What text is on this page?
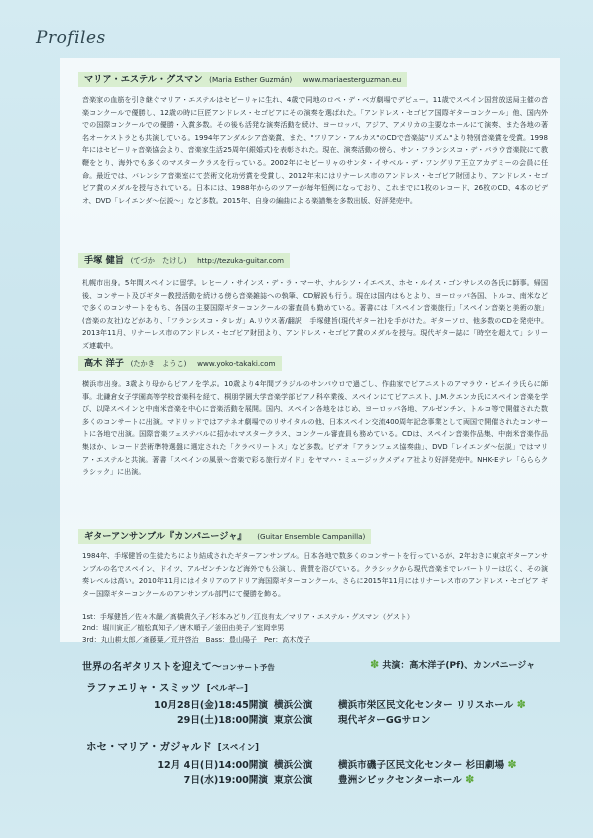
Profiles
マリア・エステル・グスマン (Maria Esther Guzmán) www.mariaesterguzman.eu

音楽家の血筋を引き継ぐマリア・エステルはセビーリャに生れ、4歳で同地のロペ・デ・ベガ劇場でデビュー。11歳でスペイン国営放送局主催の音楽コンクールで優勝し、12歳の時に巨匠アンドレス・セゴビアにその演奏を選ばれた。「アンドレス・セゴビア国際ギターコンクール」他、国内外での国際コンクールでの優勝・入賞多数。その後も活発な演奏活動を続け、ヨーロッパ、アジア、アメリカの主要なホールにて演奏、また各地の著名オーケストラとも共演している。1994年アンダルシア音楽賞、また、"フリアン・アルカス"のCDで音楽誌"リズム"より特別音楽賞を受賞。1998年にはセビーリャ音楽協会より、音楽家生活25周年(銀婚式)を表彰された。現在、演奏活動の傍ら、サン・フランシスコ・デ・パラウ音楽院にて教鞭をとり、海外でも多くのマスタークラスを行っている。2002年にセビーリャのサンタ・イサベル・デ・フングリア王立アカデミーの会員に任命。最近では、バレンシア音楽室にて芸術文化功労賞を受賞し、2012年末にはリナーレス市のアンドレス・セゴビア財団より、アンドレス・セゴビア賞のメダルを授与されている。日本には、1988年からのツアーが毎年恒例になっており、これまでに1枚のレコード、26枚のCD、4本のビデオ、DVD「レイエンダ〜伝説〜」など多数。2015年、自身の編曲による楽譜集を多数出版、好評発売中。

手塚 健旨 (てづか　たけし) http://tezuka-guitar.com

札幌市出身。5年間スペインに留学。レヒーノ・サインス・デ・ラ・マーサ、ナルシソ・イエペス、ホセ・ルイス・ゴンサレスの各氏に師事。帰国後、コンサート及びギター教授活動を続ける傍ら音楽雑誌への執筆、CD解説も行う。現在は国内はもとより、ヨーロッパ各国、トルコ、南米などで多くのコンサートをもち、各国の主要国際ギターコンクールの審査員も勤めている。著書には「スペイン音楽旅行」「スペイン音楽と美術の旅」(音楽の友社)などがあり、「フランシスコ・タレガ」A.リウス著/翻訳　手塚健旨(現代ギター社)を手がけた。ギターソロ、他多数のCDを発売中。2013年11月、リナーレス市のアンドレス・セゴビア財団より、アンドレス・セゴビア賞のメダルを授与。現代ギター誌に「時空を超えて」シリーズ連載中。

高木 洋子 (たかき　ようこ) www.yoko-takaki.com

横浜市出身。3歳より母からピアノを学ぶ。10歳より4年間ブラジルのサンパウロで過ごし、作曲家でピアニストのアマラウ・ビエイラ氏らに師事。北鎌倉女子学園高等学校音楽科を経て、桐朋学園大学音楽学部ピアノ科卒業後、スペインにてピアニスト、J.M.クエンカ氏にスペイン音楽を学び、以降スペインと中南米音楽を中心に音楽活動を展開。国内、スペイン各地をはじめ、ヨーロッパ各地、アルゼンチン、トルコ等で開催された数多くのコンサートに出演。マドリッドではアテネオ劇場でのリサイタルの他、日本スペイン交流400周年記念事業として両国で開催されたコンサートに各地で出演。国際音楽フェステバルに招かれマスタークラス、コンクール審査員も務めている。CDは、スペイン音楽作品集、中南米音楽作品集ほか、レコード芸術準特選盤に選定された「クラベリートス」など多数。ビデオ「アランフェス協奏曲」、DVD「レイエンダ〜伝説」ではマリア・エステルと共演。著書「スペインの風景〜音楽で彩る旅行ガイド」をヤマハ・ミュージックメディア社より好評発売中。NHK-Eテレ「らららクラシック」に出演。

ギターアンサンブル『カンパニージャ』 (Guitar Ensemble Campanilla)

1984年、手塚健旨の生徒たちにより結成されたギターアンサンブル。日本各地で数多くのコンサートを行っているが、2年おきに東京ギターアンサンブルの名でスペイン、ドイツ、アルゼンチンなど海外でも公演し、貴賛を浴びている。クラシックから現代音楽までレパートリーは広く、その演奏レベルは高い。2010年11月にはイタリアのアドリア海国際ギターコンクール、さらに2015年11月にはリナーレス市のアンドレス・セゴビア ギター国際ギターコンクールのアンサンブル部門にて優勝を飾る。

1st：手塚健旨／佐々木嚴／髙橋貴久子／杉本みどり／江良有太／マリア・エステル・グスマン（ゲスト）
2nd：堀川寅正／植松真知子／唐木順子／釜田由美子／室岡幸男
3rd：丸山耕太郎／斎藤葉／荒井啓治　Bass：豊山陽子　Per：高木茂子
世界の名ギタリストを迎えて〜コンサート予告	✽ 共演：高木洋子(Pf)、カンパニージャ
ラファエリャ・スミッツ [ベルギー]
10月28日(金)18:45開演 横浜公演	横浜市栄区民文化センター リリスホール ✽
29日(土)18:00開演 東京公演	現代ギターGGサロン
ホセ・マリア・ガジャルド [スペイン]
12月 4日(日)14:00開演 横浜公演	横浜市磯子区民文化センター 杉田劇場 ✽
7日(水)19:00開演 東京公演	豊洲シビックセンターホール ✽
